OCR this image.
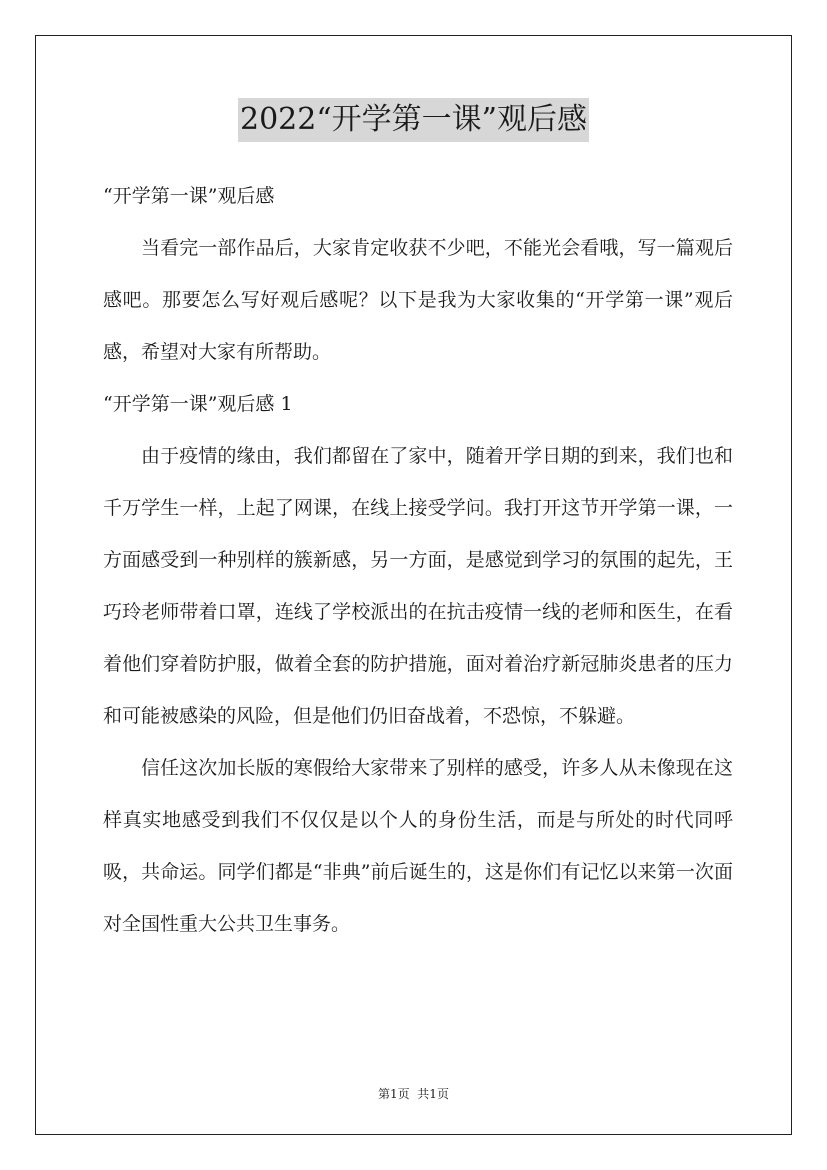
2022“开学第一课”观后感

“开学第一课”观后感

当看完一部作品后，大家肯定收获不少吧，不能光会看哦，写一篇观后感吧。那要怎么写好观后感呢？以下是我为大家收集的“开学第一课”观后感，希望对大家有所帮助。

“开学第一课”观后感 1

由于疫情的缘由，我们都留在了家中，随着开学日期的到来，我们也和千万学生一样，上起了网课，在线上接受学问。我打开这节开学第一课，一方面感受到一种别样的簇新感，另一方面，是感觉到学习的氛围的起先，王巧玲老师带着口罩，连线了学校派出的在抗击疫情一线的老师和医生，在看着他们穿着防护服，做着全套的防护措施，面对着治疗新冠肺炎患者的压力和可能被感染的风险，但是他们仍旧奋战着，不恐惊，不躲避。

信任这次加长版的寒假给大家带来了别样的感受，许多人从未像现在这样真实地感受到我们不仅仅是以个人的身份生活，而是与所处的时代同呼吸，共命运。同学们都是“非典”前后诞生的，这是你们有记忆以来第一次面对全国性重大公共卫生事务。

第1页  共1页
